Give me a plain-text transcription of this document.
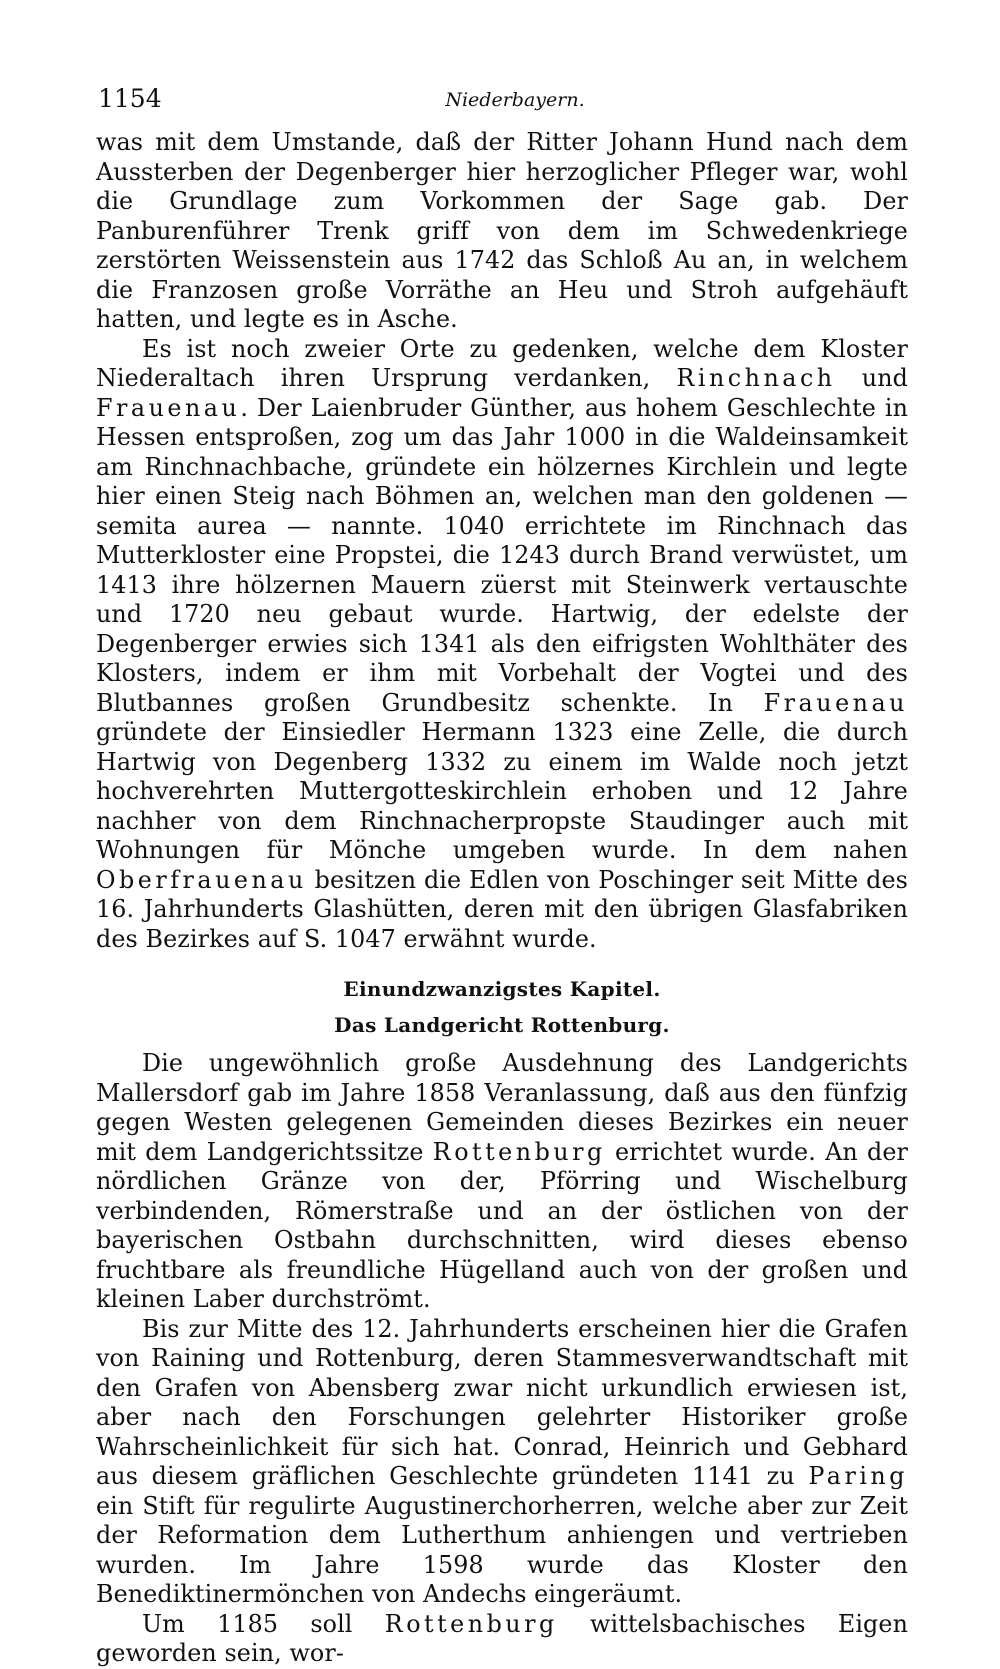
1154	Niederbayern.

was mit dem Umstande, daß der Ritter Johann Hund nach dem Aussterben der Degenberger hier herzoglicher Pfleger war, wohl die Grundlage zum Vorkommen der Sage gab. Der Panburenführer Trenk griff von dem im Schwedenkriege zerstörten Weissenstein aus 1742 das Schloß Au an, in welchem die Franzosen große Vorräthe an Heu und Stroh aufgehäuft hatten, und legte es in Asche.

Es ist noch zweier Orte zu gedenken, welche dem Kloster Niederaltach ihren Ursprung verdanken, Rinchnach und Frauenau. Der Laienbruder Günther, aus hohem Geschlechte in Hessen entsproßen, zog um das Jahr 1000 in die Waldeinsamkeit am Rinchnachbache, gründete ein hölzernes Kirchlein und legte hier einen Steig nach Böhmen an, welchen man den goldenen — semita aurea — nannte. 1040 errichtete im Rinchnach das Mutterkloster eine Propstei, die 1243 durch Brand verwüstet, um 1413 ihre hölzernen Mauern züerst mit Steinwerk vertauschte und 1720 neu gebaut wurde. Hartwig, der edelste der Degenberger erwies sich 1341 als den eifrigsten Wohlthäter des Klosters, indem er ihm mit Vorbehalt der Vogtei und des Blutbannes großen Grundbesitz schenkte. In Frauenau gründete der Einsiedler Hermann 1323 eine Zelle, die durch Hartwig von Degenberg 1332 zu einem im Walde noch jetzt hochverehrten Muttergotteskirchlein erhoben und 12 Jahre nachher von dem Rinchnacherpropste Staudinger auch mit Wohnungen für Mönche umgeben wurde. In dem nahen Oberfrauenau besitzen die Edlen von Poschinger seit Mitte des 16. Jahrhunderts Glashütten, deren mit den übrigen Glasfabriken des Bezirkes auf S. 1047 erwähnt wurde.

Einundzwanzigstes Kapitel.
Das Landgericht Rottenburg.

Die ungewöhnlich große Ausdehnung des Landgerichts Mallersdorf gab im Jahre 1858 Veranlassung, daß aus den fünfzig gegen Westen gelegenen Gemeinden dieses Bezirkes ein neuer mit dem Landgerichtssitze Rottenburg errichtet wurde. An der nördlichen Gränze von der, Pförring und Wischelburg verbindenden, Römerstraße und an der östlichen von der bayerischen Ostbahn durchschnitten, wird dieses ebenso fruchtbare als freundliche Hügelland auch von der großen und kleinen Laber durchströmt.

Bis zur Mitte des 12. Jahrhunderts erscheinen hier die Grafen von Raining und Rottenburg, deren Stammesverwandtschaft mit den Grafen von Abensberg zwar nicht urkundlich erwiesen ist, aber nach den Forschungen gelehrter Historiker große Wahrscheinlichkeit für sich hat. Conrad, Heinrich und Gebhard aus diesem gräflichen Geschlechte gründeten 1141 zu Paring ein Stift für regulirte Augustinerchorherren, welche aber zur Zeit der Reformation dem Lutherthum anhiengen und vertrieben wurden. Im Jahre 1598 wurde das Kloster den Benediktinermönchen von Andechs eingeräumt.

Um 1185 soll Rottenburg wittelsbachisches Eigen geworden sein, wor-
